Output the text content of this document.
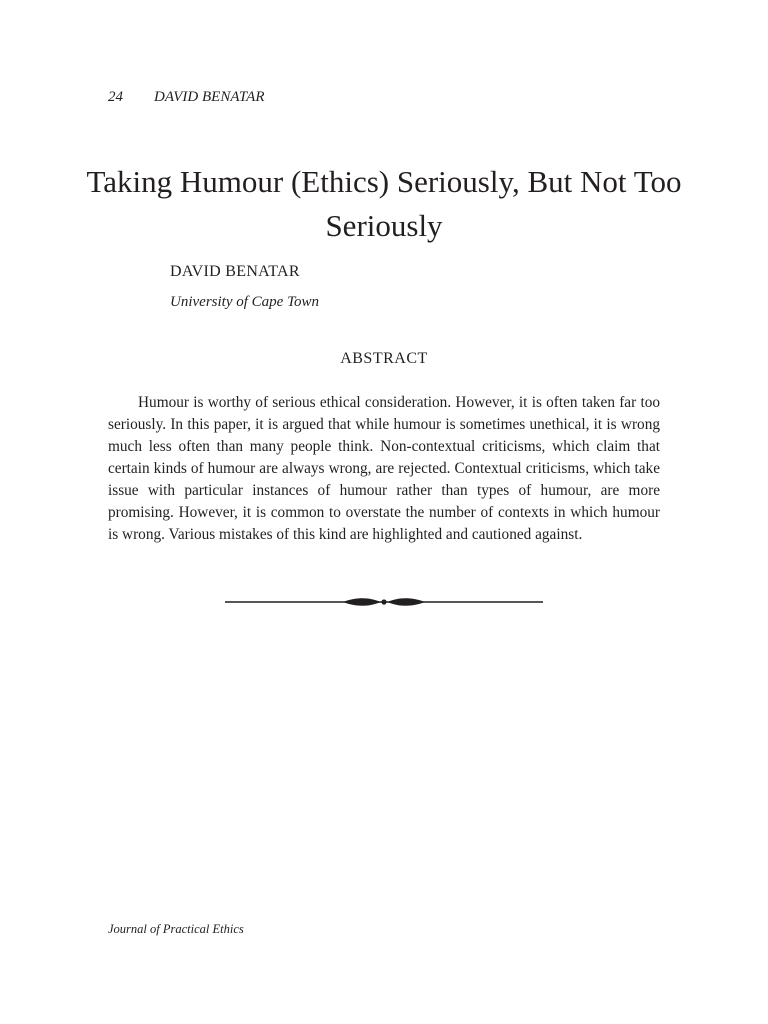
24 DAVID BENATAR
Taking Humour (Ethics) Seriously, But Not Too Seriously
DAVID BENATAR
University of Cape Town
ABSTRACT

Humour is worthy of serious ethical consideration. However, it is often taken far too seriously. In this paper, it is argued that while humour is sometimes unethical, it is wrong much less often than many people think. Non-contextual criticisms, which claim that certain kinds of humour are always wrong, are rejected. Contextual criticisms, which take issue with particular instances of humour rather than types of humour, are more promising. However, it is common to overstate the number of contexts in which humour is wrong. Various mistakes of this kind are highlighted and cautioned against.

Journal of Practical Ethics
